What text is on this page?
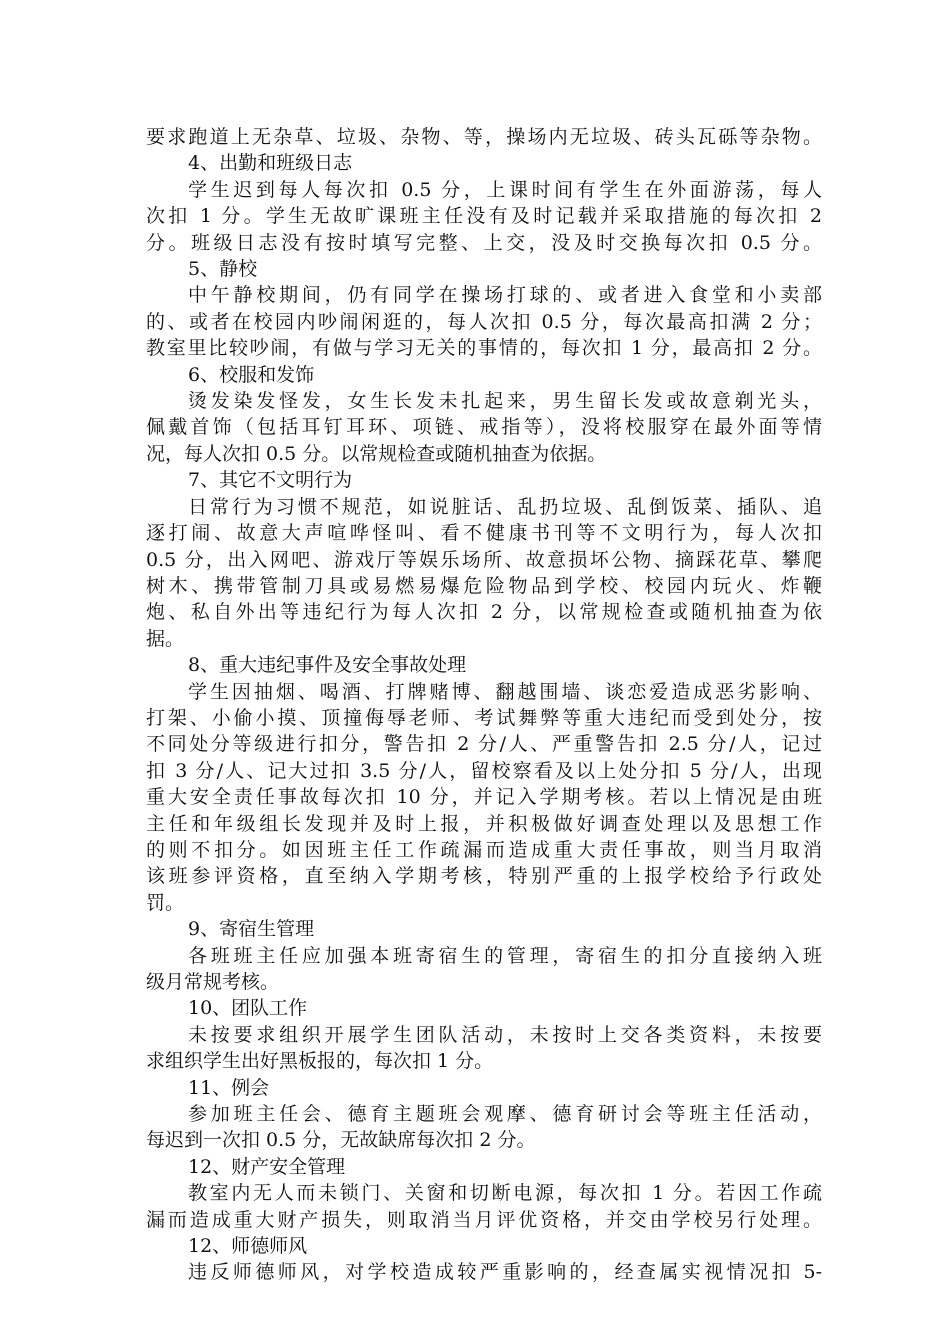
要求跑道上无杂草、垃圾、杂物、等，操场内无垃圾、砖头瓦砾等杂物。
4、出勤和班级日志
学生迟到每人每次扣 0.5 分，上课时间有学生在外面游荡，每人
次扣 1 分。学生无故旷课班主任没有及时记载并采取措施的每次扣 2
分。班级日志没有按时填写完整、上交，没及时交换每次扣 0.5 分。
5、静校
中午静校期间，仍有同学在操场打球的、或者进入食堂和小卖部
的、或者在校园内吵闹闲逛的，每人次扣 0.5 分，每次最高扣满 2 分；
教室里比较吵闹，有做与学习无关的事情的，每次扣 1 分，最高扣 2 分。
6、校服和发饰
烫发染发怪发，女生长发未扎起来，男生留长发或故意剃光头，
佩戴首饰（包括耳钉耳环、项链、戒指等），没将校服穿在最外面等情
况，每人次扣 0.5 分。以常规检查或随机抽查为依据。
7、其它不文明行为
日常行为习惯不规范，如说脏话、乱扔垃圾、乱倒饭菜、插队、追
逐打闹、故意大声喧哗怪叫、看不健康书刊等不文明行为，每人次扣
0.5 分，出入网吧、游戏厅等娱乐场所、故意损坏公物、摘踩花草、攀爬
树木、携带管制刀具或易燃易爆危险物品到学校、校园内玩火、炸鞭
炮、私自外出等违纪行为每人次扣 2 分，以常规检查或随机抽查为依
据。
8、重大违纪事件及安全事故处理
学生因抽烟、喝酒、打牌赌博、翻越围墙、谈恋爱造成恶劣影响、
打架、小偷小摸、顶撞侮辱老师、考试舞弊等重大违纪而受到处分，按
不同处分等级进行扣分，警告扣 2 分/人、严重警告扣 2.5 分/人，记过
扣 3 分/人、记大过扣 3.5 分/人，留校察看及以上处分扣 5 分/人，出现
重大安全责任事故每次扣 10 分，并记入学期考核。若以上情况是由班
主任和年级组长发现并及时上报，并积极做好调查处理以及思想工作
的则不扣分。如因班主任工作疏漏而造成重大责任事故，则当月取消
该班参评资格，直至纳入学期考核，特别严重的上报学校给予行政处
罚。
9、寄宿生管理
各班班主任应加强本班寄宿生的管理，寄宿生的扣分直接纳入班
级月常规考核。
10、团队工作
未按要求组织开展学生团队活动，未按时上交各类资料，未按要
求组织学生出好黑板报的，每次扣 1 分。
11、例会
参加班主任会、德育主题班会观摩、德育研讨会等班主任活动，
每迟到一次扣 0.5 分，无故缺席每次扣 2 分。
12、财产安全管理
教室内无人而未锁门、关窗和切断电源，每次扣 1 分。若因工作疏
漏而造成重大财产损失，则取消当月评优资格，并交由学校另行处理。
12、师德师风
违反师德师风，对学校造成较严重影响的，经查属实视情况扣 5-
